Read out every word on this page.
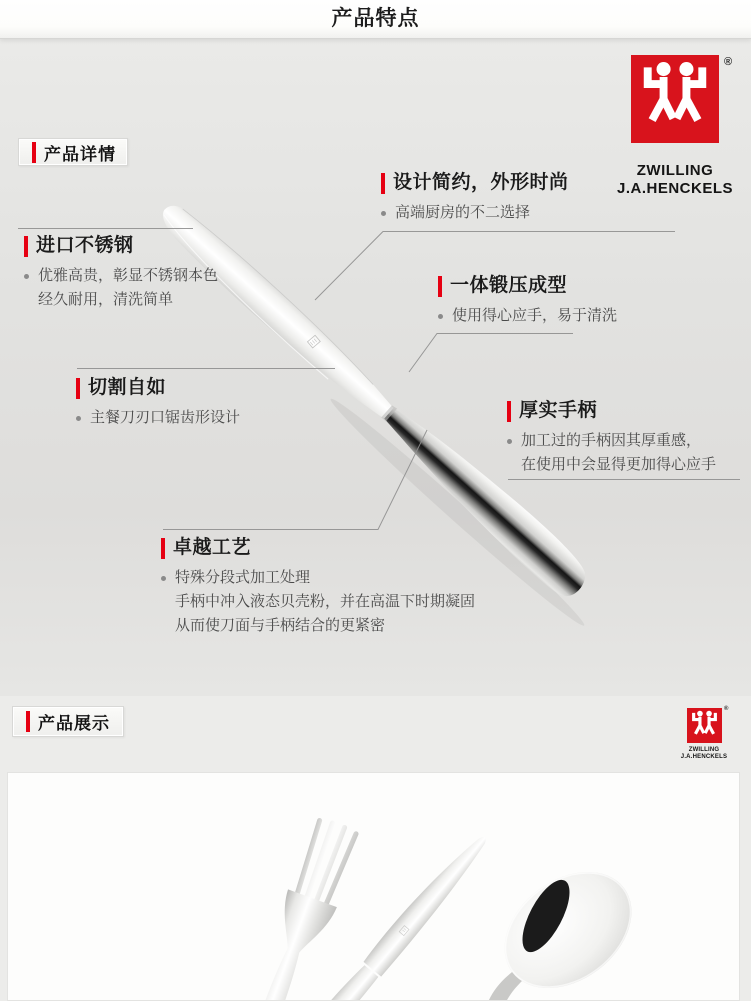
产品特点
产品详情
®
ZWILLING
J.A.HENCKELS
设计简约，外形时尚
高端厨房的不二选择
进口不锈钢
优雅高贵，彰显不锈钢本色
经久耐用，清洗简单
一体锻压成型
使用得心应手，易于清洗
切割自如
主餐刀刃口锯齿形设计	厚实手柄
加工过的手柄因其厚重感，
在使用中会显得更加得心应手
卓越工艺
特殊分段式加工处理
手柄中冲入液态贝壳粉，并在高温下时期凝固
从而使刀面与手柄结合的更紧密
产品展示
®
ZWILLING
J.A.HENCKELS
